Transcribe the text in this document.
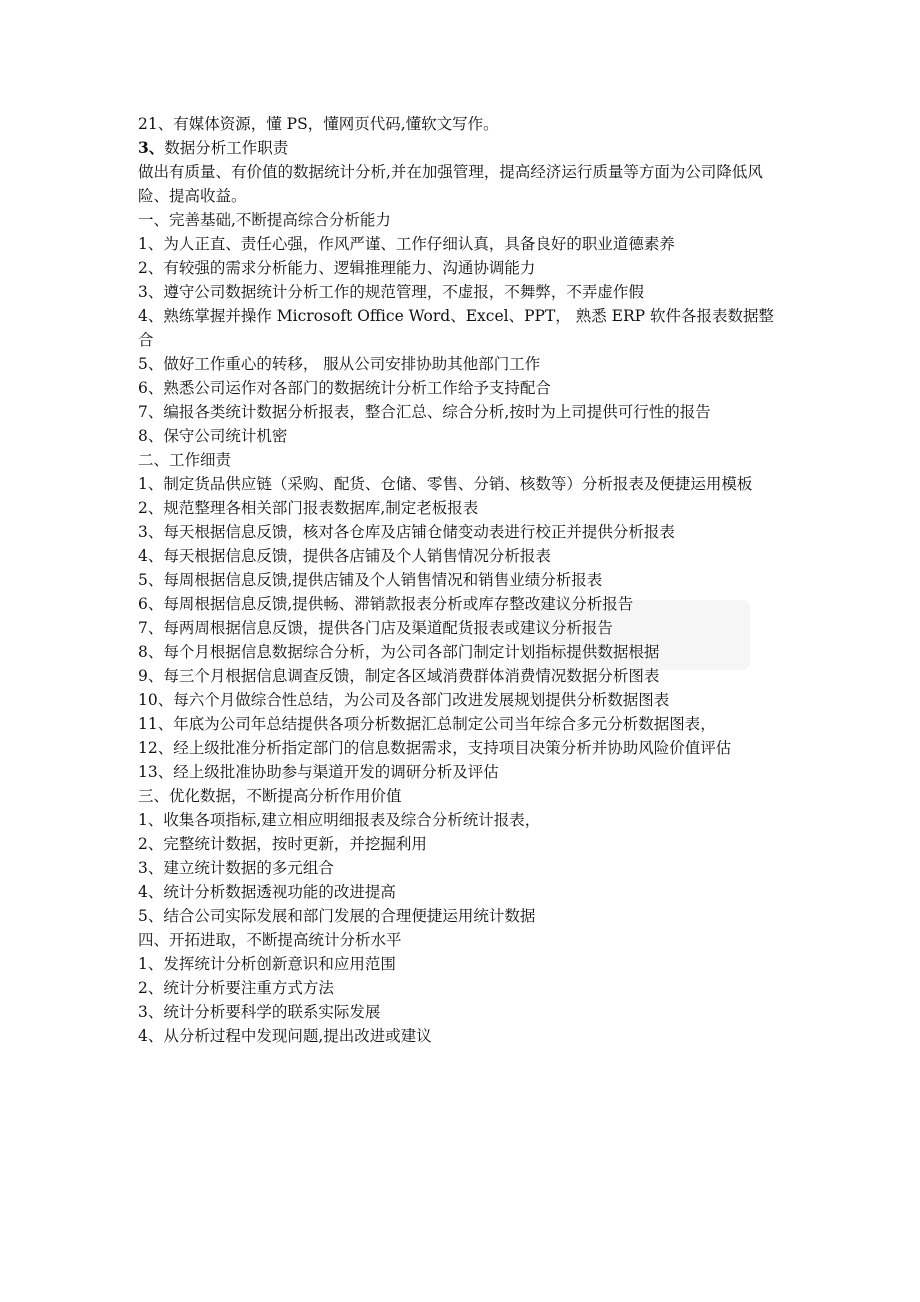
21、有媒体资源，懂 PS，懂网页代码,懂软文写作。
3、数据分析工作职责
做出有质量、有价值的数据统计分析,并在加强管理，提高经济运行质量等方面为公司降低风险、提高收益。
一、完善基础,不断提高综合分析能力
1、为人正直、责任心强，作风严谨、工作仔细认真，具备良好的职业道德素养
2、有较强的需求分析能力、逻辑推理能力、沟通协调能力
3、遵守公司数据统计分析工作的规范管理，不虚报，不舞弊，不弄虚作假
4、熟练掌握并操作 Microsoft Office Word、Excel、PPT， 熟悉 ERP 软件各报表数据整合
5、做好工作重心的转移， 服从公司安排协助其他部门工作
6、熟悉公司运作对各部门的数据统计分析工作给予支持配合
7、编报各类统计数据分析报表，整合汇总、综合分析,按时为上司提供可行性的报告
8、保守公司统计机密
二、工作细责
1、制定货品供应链（采购、配货、仓储、零售、分销、核数等）分析报表及便捷运用模板
2、规范整理各相关部门报表数据库,制定老板报表
3、每天根据信息反馈，核对各仓库及店铺仓储变动表进行校正并提供分析报表
4、每天根据信息反馈，提供各店铺及个人销售情况分析报表
5、每周根据信息反馈,提供店铺及个人销售情况和销售业绩分析报表
6、每周根据信息反馈,提供畅、滞销款报表分析或库存整改建议分析报告
7、每两周根据信息反馈，提供各门店及渠道配货报表或建议分析报告
8、每个月根据信息数据综合分析，为公司各部门制定计划指标提供数据根据
9、每三个月根据信息调查反馈，制定各区域消费群体消费情况数据分析图表
10、每六个月做综合性总结，为公司及各部门改进发展规划提供分析数据图表
11、年底为公司年总结提供各项分析数据汇总制定公司当年综合多元分析数据图表，
12、经上级批准分析指定部门的信息数据需求，支持项目决策分析并协助风险价值评估
13、经上级批准协助参与渠道开发的调研分析及评估
三、优化数据，不断提高分析作用价值
1、收集各项指标,建立相应明细报表及综合分析统计报表，
2、完整统计数据，按时更新，并挖掘利用
3、建立统计数据的多元组合
4、统计分析数据透视功能的改进提高
5、结合公司实际发展和部门发展的合理便捷运用统计数据
四、开拓进取，不断提高统计分析水平
1、发挥统计分析创新意识和应用范围
2、统计分析要注重方式方法
3、统计分析要科学的联系实际发展
4、从分析过程中发现问题,提出改进或建议
